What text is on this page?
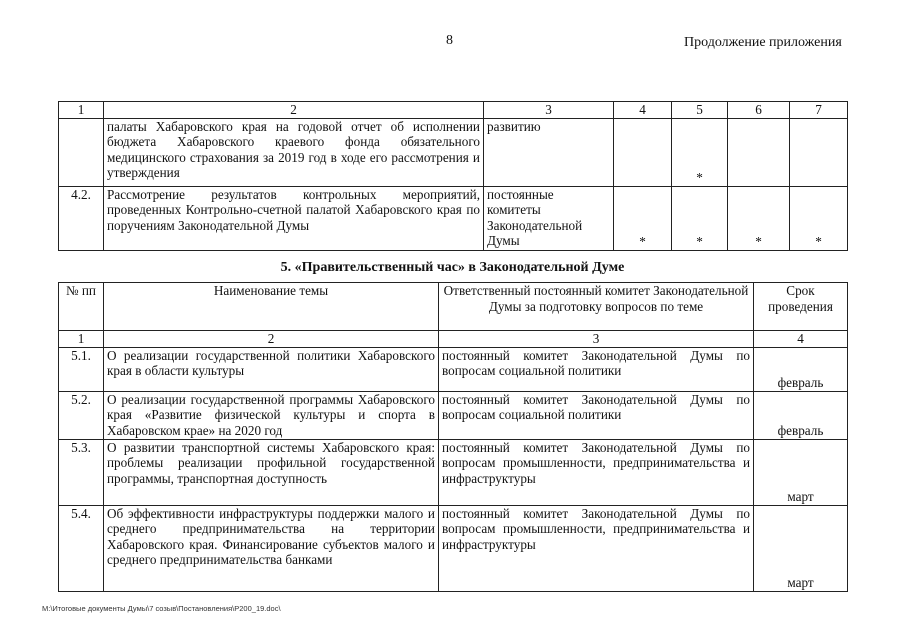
8	Продолжение приложения
1	2	3	4	5	6	7
	палаты Хабаровского края на годовой отчет об исполнении бюджета Хабаровского краевого фонда обязательного медицинского страхования за 2019 год в ходе его рассмотрения и утверждения	развитию		*		
4.2.	Рассмотрение результатов контрольных мероприятий, проведенных Контрольно-счетной палатой Хабаровского края по поручениям Законодательной Думы	постоянные комитеты Законодательной Думы	*	*	*	*
5. «Правительственный час» в Законодательной Думе
№ пп	Наименование темы	Ответственный постоянный комитет Законодательной Думы за подготовку вопросов по теме	Срок проведения
1	2	3	4
5.1.	О реализации государственной политики Хабаровского края в области культуры	постоянный комитет Законодательной Думы по вопросам социальной политики	февраль
5.2.	О реализации государственной программы Хабаровского края «Развитие физической культуры и спорта в Хабаровском крае» на 2020 год	постоянный комитет Законодательной Думы по вопросам социальной политики	февраль
5.3.	О развитии транспортной системы Хабаровского края: проблемы реализации профильной государственной программы, транспортная доступность	постоянный комитет Законодательной Думы по вопросам промышленности, предпринимательства и инфраструктуры	март
5.4.	Об эффективности инфраструктуры поддержки малого и среднего предпринимательства на территории Хабаровского края. Финансирование субъектов малого и среднего предпринимательства банками	постоянный комитет Законодательной Думы по вопросам промышленности, предпринимательства и инфраструктуры	март
M:\Итоговые документы Думы\7 созыв\Постановления\P200_19.doc\
